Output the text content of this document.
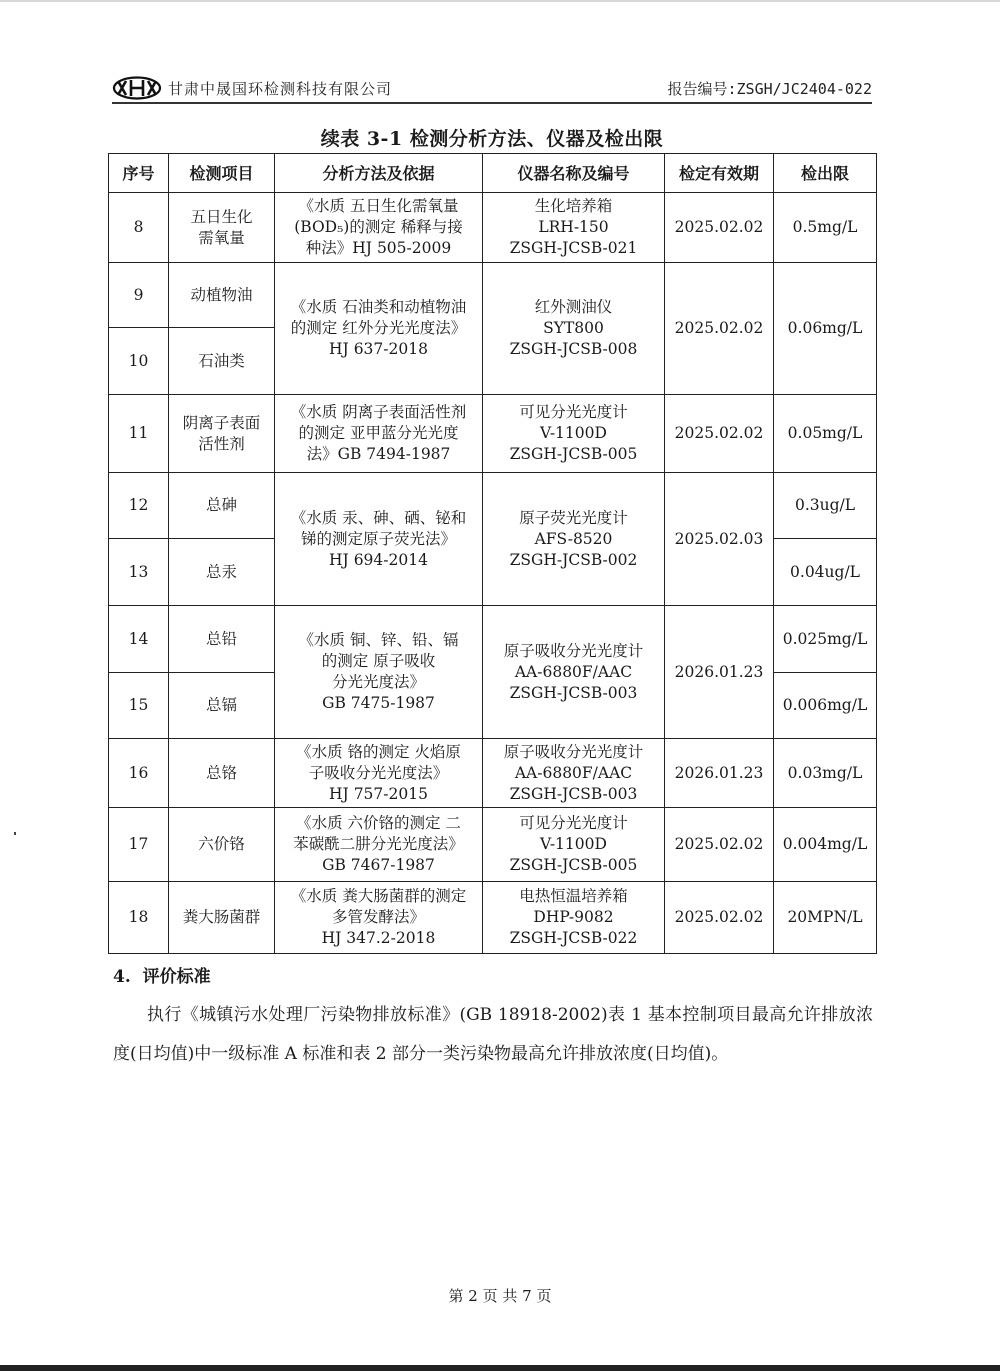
甘肃中晟国环检测科技有限公司	报告编号:ZSGH/JC2404-022
续表 3-1 检测分析方法、仪器及检出限
序号	检测项目	分析方法及依据	仪器名称及编号	检定有效期	检出限
8	五日生化
需氧量	《水质 五日生化需氧量
(BOD₅)的测定 稀释与接
种法》HJ 505-2009	生化培养箱
LRH-150
ZSGH-JCSB-021	2025.02.02	0.5mg/L
9	动植物油	《水质 石油类和动植物油
的测定 红外分光光度法》
HJ 637-2018	红外测油仪
SYT800
ZSGH-JCSB-008	2025.02.02	0.06mg/L
10	石油类				
11	阴离子表面
活性剂	《水质 阴离子表面活性剂
的测定 亚甲蓝分光光度
法》GB 7494-1987	可见分光光度计
V-1100D
ZSGH-JCSB-005	2025.02.02	0.05mg/L
12	总砷	《水质 汞、砷、硒、铋和
锑的测定原子荧光法》
HJ 694-2014	原子荧光光度计
AFS-8520
ZSGH-JCSB-002	2025.02.03	0.3ug/L
13	总汞				0.04ug/L
14	总铅	《水质 铜、锌、铅、镉
的测定 原子吸收
分光光度法》
GB 7475-1987	原子吸收分光光度计
AA-6880F/AAC
ZSGH-JCSB-003	2026.01.23	0.025mg/L
15	总镉				0.006mg/L
16	总铬	《水质 铬的测定 火焰原
子吸收分光光度法》
HJ 757-2015	原子吸收分光光度计
AA-6880F/AAC
ZSGH-JCSB-003	2026.01.23	0.03mg/L
17	六价铬	《水质 六价铬的测定 二
苯碳酰二肼分光光度法》
GB 7467-1987	可见分光光度计
V-1100D
ZSGH-JCSB-005	2025.02.02	0.004mg/L
18	粪大肠菌群	《水质 粪大肠菌群的测定
多管发酵法》
HJ 347.2-2018	电热恒温培养箱
DHP-9082
ZSGH-JCSB-022	2025.02.02	20MPN/L
4.  评价标准

执行《城镇污水处理厂污染物排放标准》(GB 18918-2002)表 1 基本控制项目最高允许排放浓度(日均值)中一级标准 A 标准和表 2 部分一类污染物最高允许排放浓度(日均值)。

第 2 页 共 7 页
